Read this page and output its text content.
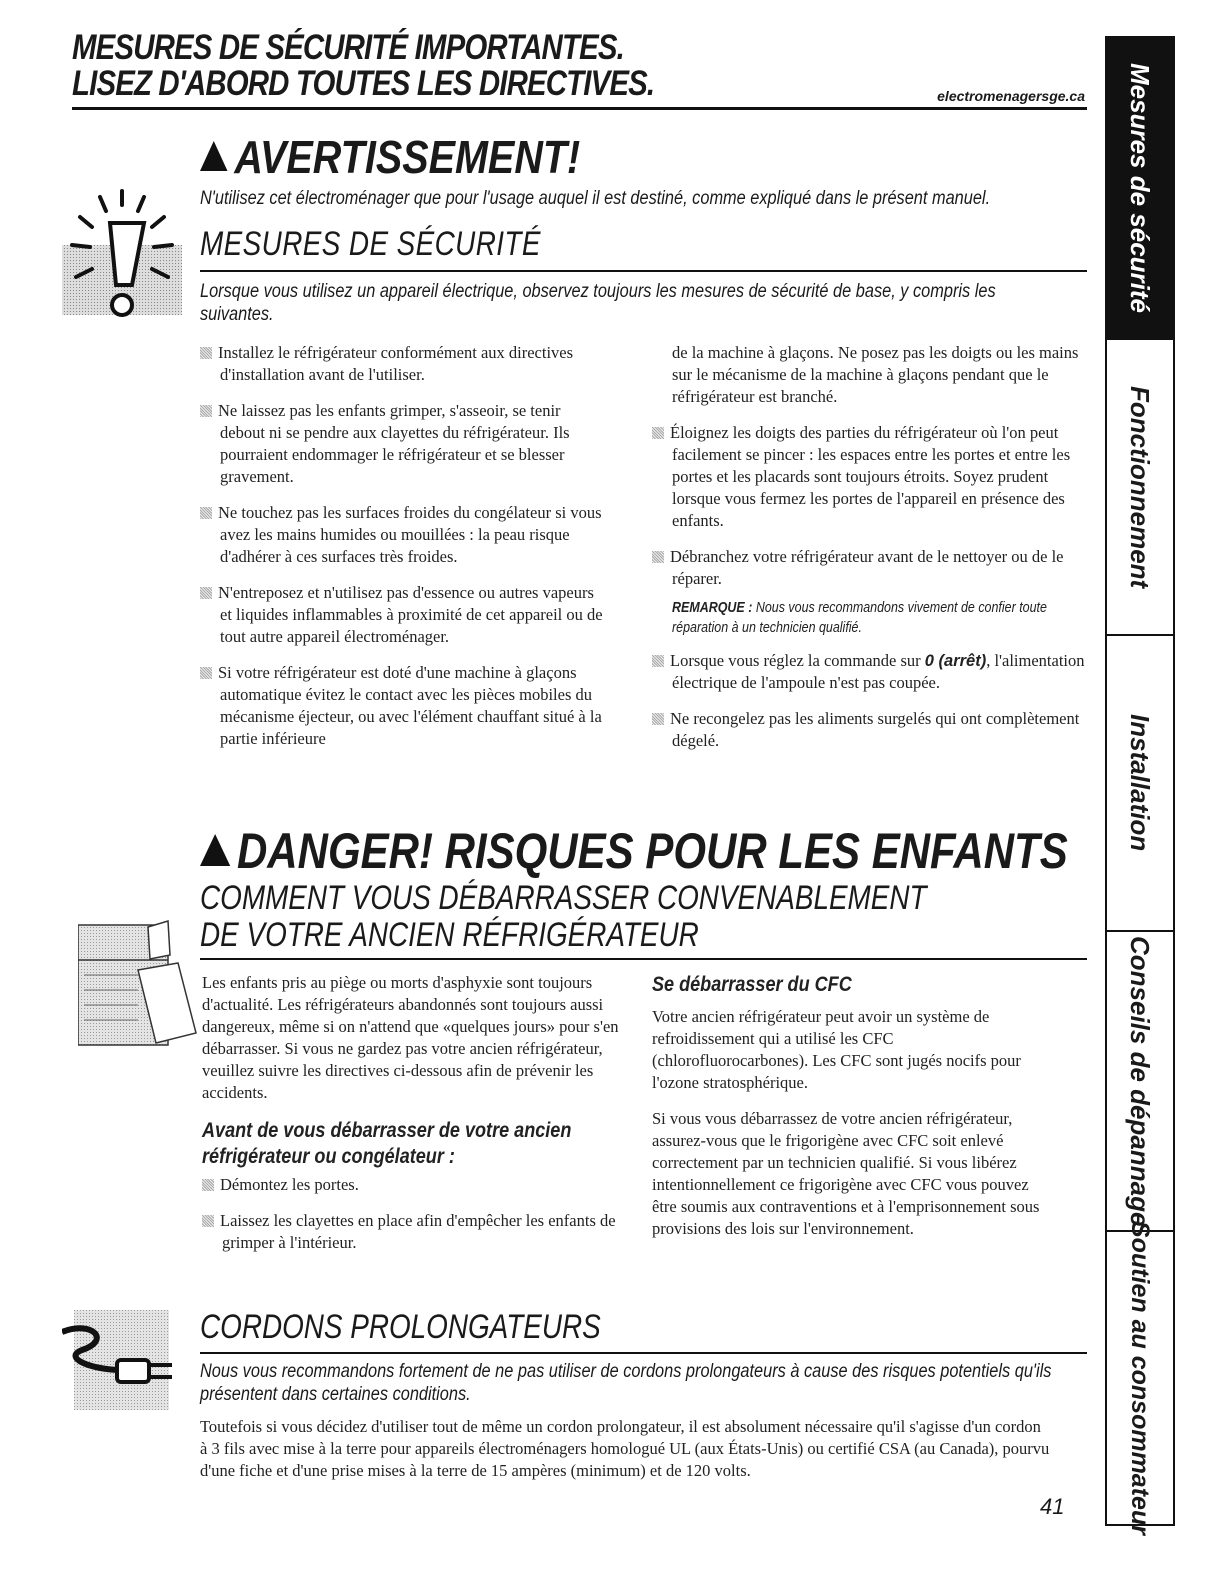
MESURES DE SÉCURITÉ IMPORTANTES.
LISEZ D'ABORD TOUTES LES DIRECTIVES.	electromenagersge.ca
AVERTISSEMENT!
N'utilisez cet électroménager que pour l'usage auquel il est destiné, comme expliqué dans le présent manuel.
MESURES DE SÉCURITÉ
Lorsque vous utilisez un appareil électrique, observez toujours les mesures de sécurité de base, y compris les suivantes.

Installez le réfrigérateur conformément aux directives d'installation avant de l'utiliser.

Ne laissez pas les enfants grimper, s'asseoir, se tenir debout ni se pendre aux clayettes du réfrigérateur. Ils pourraient endommager le réfrigérateur et se blesser gravement.

Ne touchez pas les surfaces froides du congélateur si vous avez les mains humides ou mouillées : la peau risque d'adhérer à ces surfaces très froides.

N'entreposez et n'utilisez pas d'essence ou autres vapeurs et liquides inflammables à proximité de cet appareil ou de tout autre appareil électroménager.

Si votre réfrigérateur est doté d'une machine à glaçons automatique évitez le contact avec les pièces mobiles du mécanisme éjecteur, ou avec l'élément chauffant situé à la partie inférieure

de la machine à glaçons. Ne posez pas les doigts ou les mains sur le mécanisme de la machine à glaçons pendant que le réfrigérateur est branché.

Éloignez les doigts des parties du réfrigérateur où l'on peut facilement se pincer : les espaces entre les portes et entre les portes et les placards sont toujours étroits. Soyez prudent lorsque vous fermez les portes de l'appareil en présence des enfants.

Débranchez votre réfrigérateur avant de le nettoyer ou de le réparer.

REMARQUE : Nous vous recommandons vivement de confier toute réparation à un technicien qualifié.

Lorsque vous réglez la commande sur 0 (arrêt), l'alimentation électrique de l'ampoule n'est pas coupée.

Ne recongelez pas les aliments surgelés qui ont complètement dégelé.

DANGER! RISQUES POUR LES ENFANTS
COMMENT VOUS DÉBARRASSER CONVENABLEMENT
DE VOTRE ANCIEN RÉFRIGÉRATEUR

Les enfants pris au piège ou morts d'asphyxie sont toujours d'actualité. Les réfrigérateurs abandonnés sont toujours aussi dangereux, même si on n'attend que «quelques jours» pour s'en débarrasser. Si vous ne gardez pas votre ancien réfrigérateur, veuillez suivre les directives ci-dessous afin de prévenir les accidents.

Avant de vous débarrasser de votre ancien réfrigérateur ou congélateur :

Démontez les portes.

Laissez les clayettes en place afin d'empêcher les enfants de grimper à l'intérieur.

Se débarrasser du CFC

Votre ancien réfrigérateur peut avoir un système de refroidissement qui a utilisé les CFC (chlorofluorocarbones). Les CFC sont jugés nocifs pour l'ozone stratosphérique.

Si vous vous débarrassez de votre ancien réfrigérateur, assurez-vous que le frigorigène avec CFC soit enlevé correctement par un technicien qualifié. Si vous libérez intentionnellement ce frigorigène avec CFC vous pouvez être soumis aux contraventions et à l'emprisonnement sous provisions des lois sur l'environnement.

CORDONS PROLONGATEURS
Nous vous recommandons fortement de ne pas utiliser de cordons prolongateurs à cause des risques potentiels qu'ils présentent dans certaines conditions.
Toutefois si vous décidez d'utiliser tout de même un cordon prolongateur, il est absolument nécessaire qu'il s'agisse d'un cordon à 3 fils avec mise à la terre pour appareils électroménagers homologué UL (aux États-Unis) ou certifié CSA (au Canada), pourvu d'une fiche et d'une prise mises à la terre de 15 ampères (minimum) et de 120 volts.
41
Mesures de sécurité
Fonctionnement
Installation
Conseils de dépannage
Soutien au consommateur
